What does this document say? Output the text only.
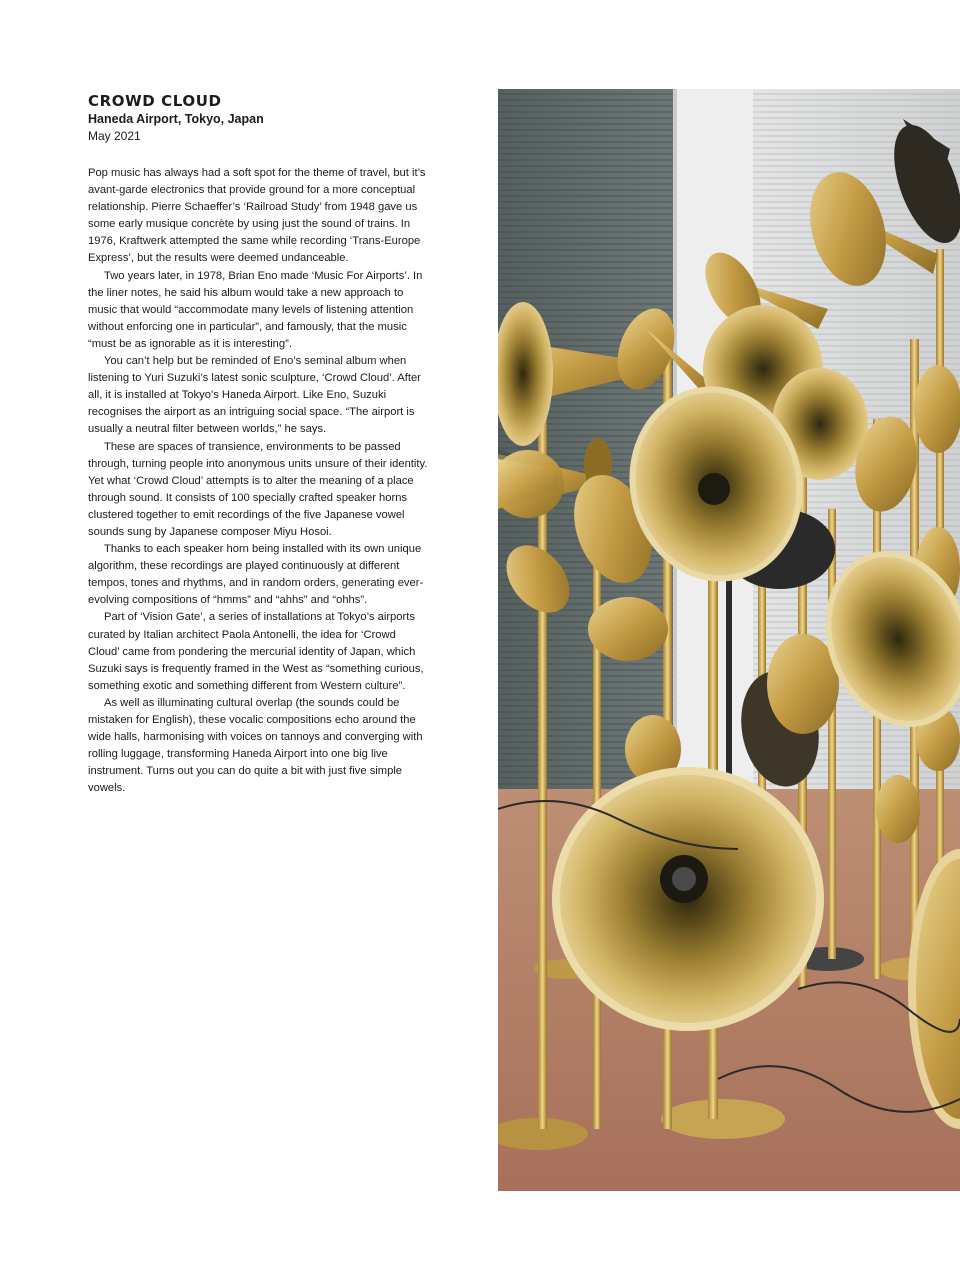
CROWD CLOUD
Haneda Airport, Tokyo, Japan
May 2021

Pop music has always had a soft spot for the theme of travel, but it’s avant-garde electronics that provide ground for a more conceptual relationship. Pierre Schaeffer’s ‘Railroad Study’ from 1948 gave us some early musique concrète by using just the sound of trains. In 1976, Kraftwerk attempted the same while recording ‘Trans-Europe Express’, but the results were deemed undanceable.

Two years later, in 1978, Brian Eno made ‘Music For Airports’. In the liner notes, he said his album would take a new approach to music that would “accommodate many levels of listening attention without enforcing one in particular”, and famously, that the music “must be as ignorable as it is interesting”.

You can’t help but be reminded of Eno’s seminal album when listening to Yuri Suzuki’s latest sonic sculpture, ‘Crowd Cloud’. After all, it is installed at Tokyo’s Haneda Airport. Like Eno, Suzuki recognises the airport as an intriguing social space. “The airport is usually a neutral filter between worlds,” he says.

These are spaces of transience, environments to be passed through, turning people into anonymous units unsure of their identity. Yet what ‘Crowd Cloud’ attempts is to alter the meaning of a place through sound. It consists of 100 specially crafted speaker horns clustered together to emit recordings of the five Japanese vowel sounds sung by Japanese composer Miyu Hosoi.

Thanks to each speaker horn being installed with its own unique algorithm, these recordings are played continuously at different tempos, tones and rhythms, and in random orders, generating ever-evolving compositions of “hmms” and “ahhs” and “ohhs”.

Part of ‘Vision Gate’, a series of installations at Tokyo’s airports curated by Italian architect Paola Antonelli, the idea for ‘Crowd Cloud’ came from pondering the mercurial identity of Japan, which Suzuki says is frequently framed in the West as “something curious, something exotic and something different from Western culture”.

As well as illuminating cultural overlap (the sounds could be mistaken for English), these vocalic compositions echo around the wide halls, harmonising with voices on tannoys and converging with rolling luggage, transforming Haneda Airport into one big live instrument. Turns out you can do quite a bit with just five simple vowels.
